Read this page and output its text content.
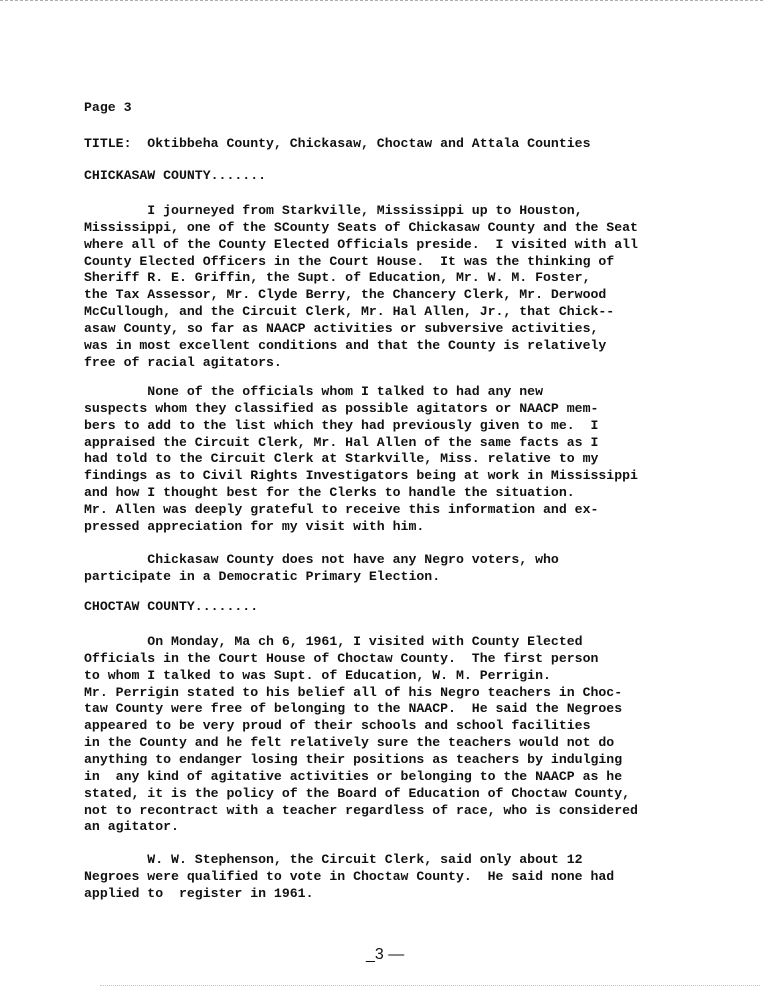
Page 3
TITLE:  Oktibbeha County, Chickasaw, Choctaw and Attala Counties
CHICKASAW COUNTY.......
I journeyed from Starkville, Mississippi up to Houston,
Mississippi, one of the SCounty Seats of Chickasaw County and the Seat
where all of the County Elected Officials preside.  I visited with all
County Elected Officers in the Court House.  It was the thinking of
Sheriff R. E. Griffin, the Supt. of Education, Mr. W. M. Foster,
the Tax Assessor, Mr. Clyde Berry, the Chancery Clerk, Mr. Derwood
McCullough, and the Circuit Clerk, Mr. Hal Allen, Jr., that Chick--
asaw County, so far as NAACP activities or subversive activities,
was in most excellent conditions and that the County is relatively
free of racial agitators.
None of the officials whom I talked to had any new
suspects whom they classified as possible agitators or NAACP mem-
bers to add to the list which they had previously given to me.  I
appraised the Circuit Clerk, Mr. Hal Allen of the same facts as I
had told to the Circuit Clerk at Starkville, Miss. relative to my
findings as to Civil Rights Investigators being at work in Mississippi
and how I thought best for the Clerks to handle the situation.
Mr. Allen was deeply grateful to receive this information and ex-
pressed appreciation for my visit with him.
Chickasaw County does not have any Negro voters, who
participate in a Democratic Primary Election.
CHOCTAW COUNTY........
On Monday, Ma ch 6, 1961, I visited with County Elected
Officials in the Court House of Choctaw County.  The first person
to whom I talked to was Supt. of Education, W. M. Perrigin.
Mr. Perrigin stated to his belief all of his Negro teachers in Choc-
taw County were free of belonging to the NAACP.  He said the Negroes
appeared to be very proud of their schools and school facilities
in the County and he felt relatively sure the teachers would not do
anything to endanger losing their positions as teachers by indulging
in  any kind of agitative activities or belonging to the NAACP as he
stated, it is the policy of the Board of Education of Choctaw County,
not to recontract with a teacher regardless of race, who is considered
an agitator.
W. W. Stephenson, the Circuit Clerk, said only about 12
Negroes were qualified to vote in Choctaw County.  He said none had
applied to  register in 1961.
_3 —
